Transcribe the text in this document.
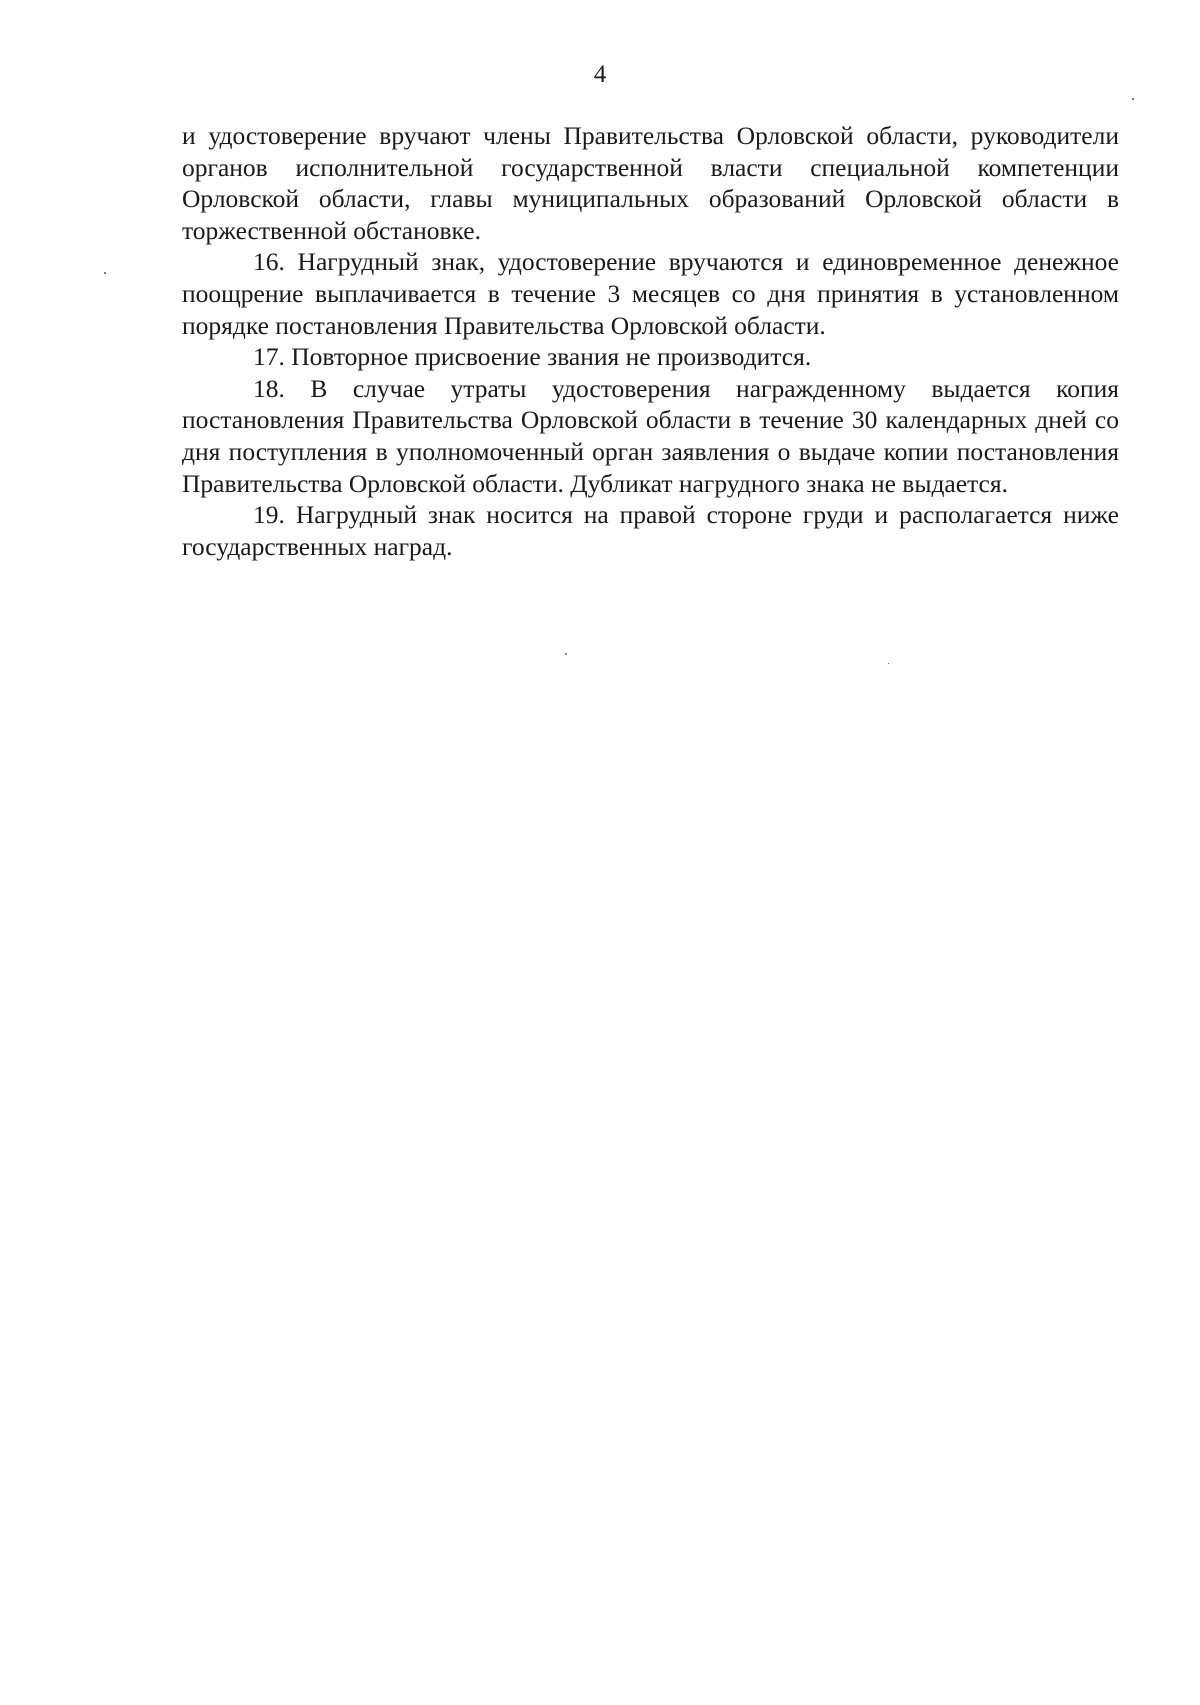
4

и удостоверение вручают члены Правительства Орловской области, руководители органов исполнительной государственной власти специальной компетенции Орловской области, главы муниципальных образований Орловской области в торжественной обстановке.

16. Нагрудный знак, удостоверение вручаются и единовременное денежное поощрение выплачивается в течение 3 месяцев со дня принятия в установленном порядке постановления Правительства Орловской области.

17. Повторное присвоение звания не производится.

18. В случае утраты удостоверения награжденному выдается копия постановления Правительства Орловской области в течение 30 календарных дней со дня поступления в уполномоченный орган заявления о выдаче копии постановления Правительства Орловской области. Дубликат нагрудного знака не выдается.

19. Нагрудный знак носится на правой стороне груди и располагается ниже государственных наград.
